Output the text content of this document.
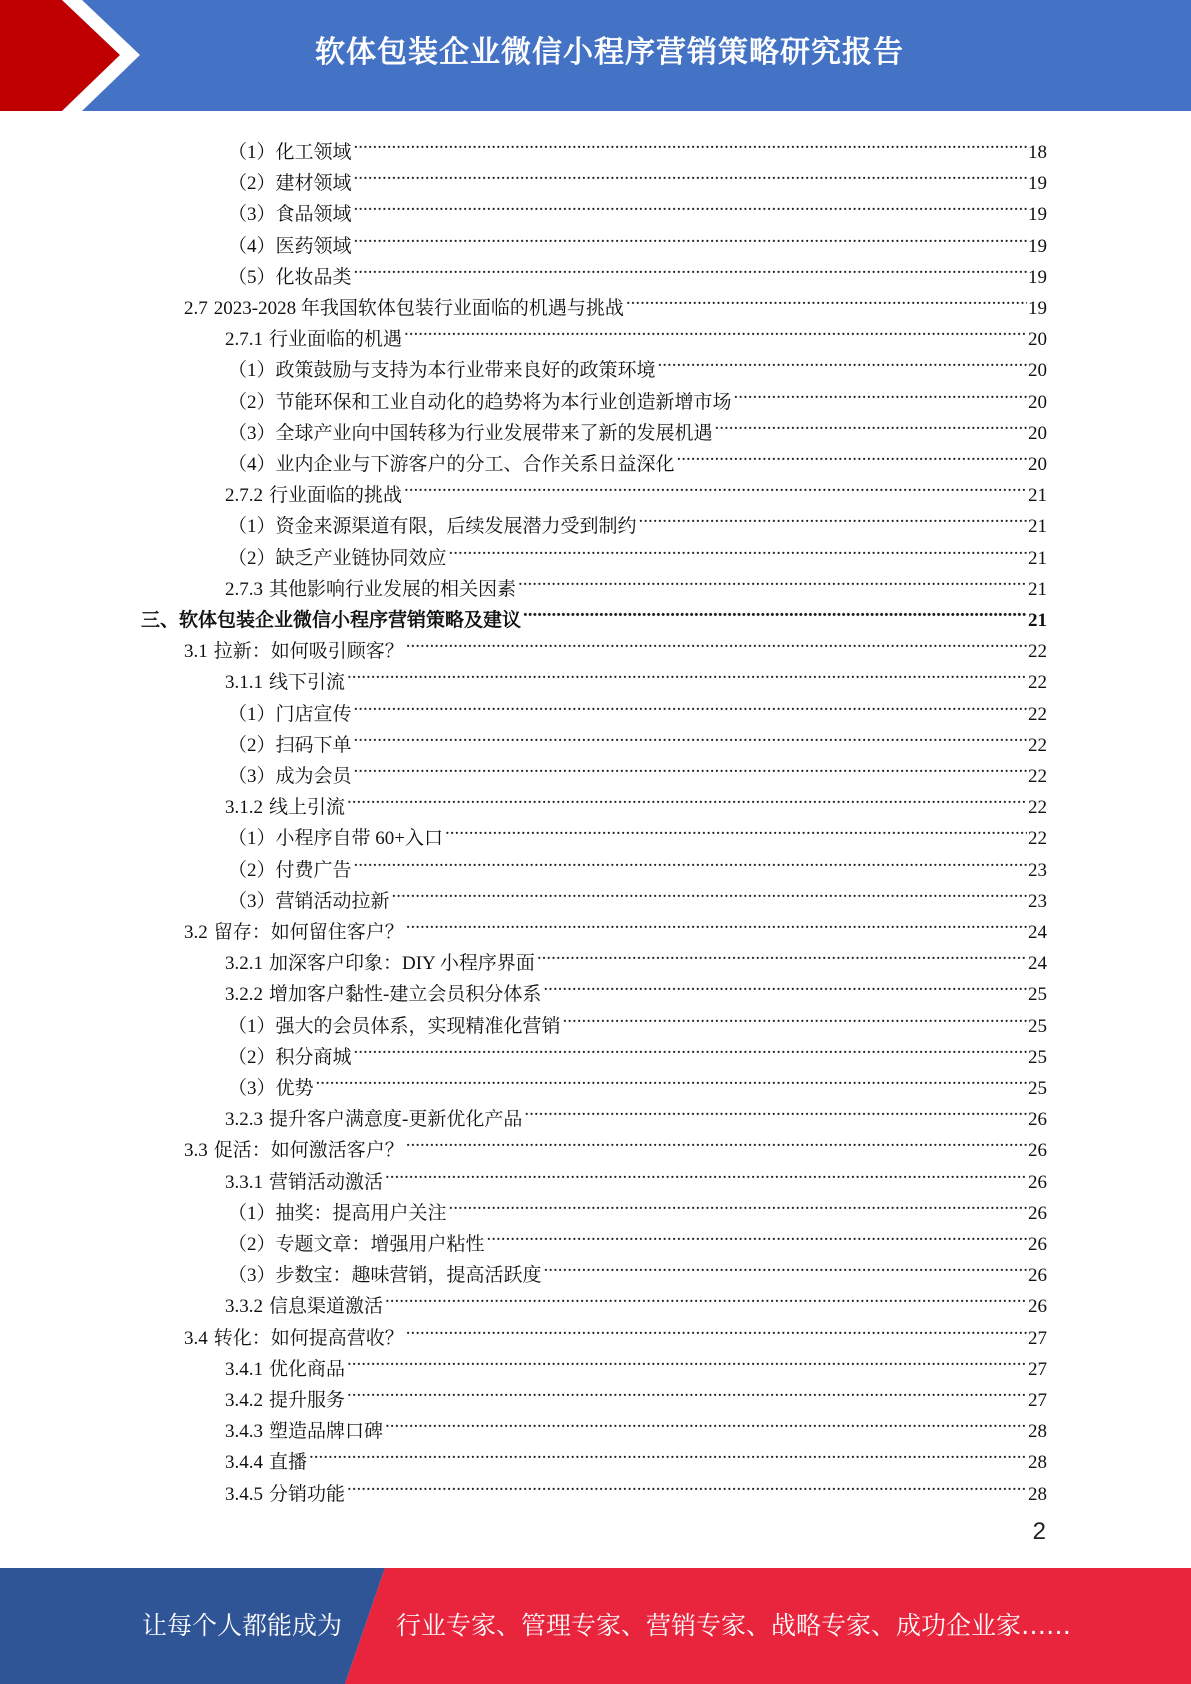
软体包装企业微信小程序营销策略研究报告
（1）化工领域 .....	18
（2）建材领域 .....	19
（3）食品领域 .....	19
（4）医药领域 .....	19
（5）化妆品类 .....	19
2.7 2023-2028 年我国软体包装行业面临的机遇与挑战 .....	19
2.7.1 行业面临的机遇 .....	20
（1）政策鼓励与支持为本行业带来良好的政策环境 .....	20
（2）节能环保和工业自动化的趋势将为本行业创造新增市场 .....	20
（3）全球产业向中国转移为行业发展带来了新的发展机遇 .....	20
（4）业内企业与下游客户的分工、合作关系日益深化 .....	20
2.7.2 行业面临的挑战 .....	21
（1）资金来源渠道有限，后续发展潜力受到制约 .....	21
（2）缺乏产业链协同效应 .....	21
2.7.3 其他影响行业发展的相关因素 .....	21
三、软体包装企业微信小程序营销策略及建议 .....	21
3.1 拉新：如何吸引顾客？ .....	22
3.1.1 线下引流 .....	22
（1）门店宣传 .....	22
（2）扫码下单 .....	22
（3）成为会员 .....	22
3.1.2 线上引流 .....	22
（1）小程序自带 60+入口 .....	22
（2）付费广告 .....	23
（3）营销活动拉新 .....	23
3.2 留存：如何留住客户？ .....	24
3.2.1 加深客户印象：DIY 小程序界面 .....	24
3.2.2 增加客户黏性-建立会员积分体系 .....	25
（1）强大的会员体系，实现精准化营销 .....	25
（2）积分商城 .....	25
（3）优势 .....	25
3.2.3 提升客户满意度-更新优化产品 .....	26
3.3 促活：如何激活客户？ .....	26
3.3.1 营销活动激活 .....	26
（1）抽奖：提高用户关注 .....	26
（2）专题文章：增强用户粘性 .....	26
（3）步数宝：趣味营销，提高活跃度 .....	26
3.3.2 信息渠道激活 .....	26
3.4 转化：如何提高营收？ .....	27
3.4.1 优化商品 .....	27
3.4.2 提升服务 .....	27
3.4.3 塑造品牌口碑 .....	28
3.4.4 直播 .....	28
3.4.5 分销功能 .....	28
2
让每个人都能成为 行业专家、管理专家、营销专家、战略专家、成功企业家……
